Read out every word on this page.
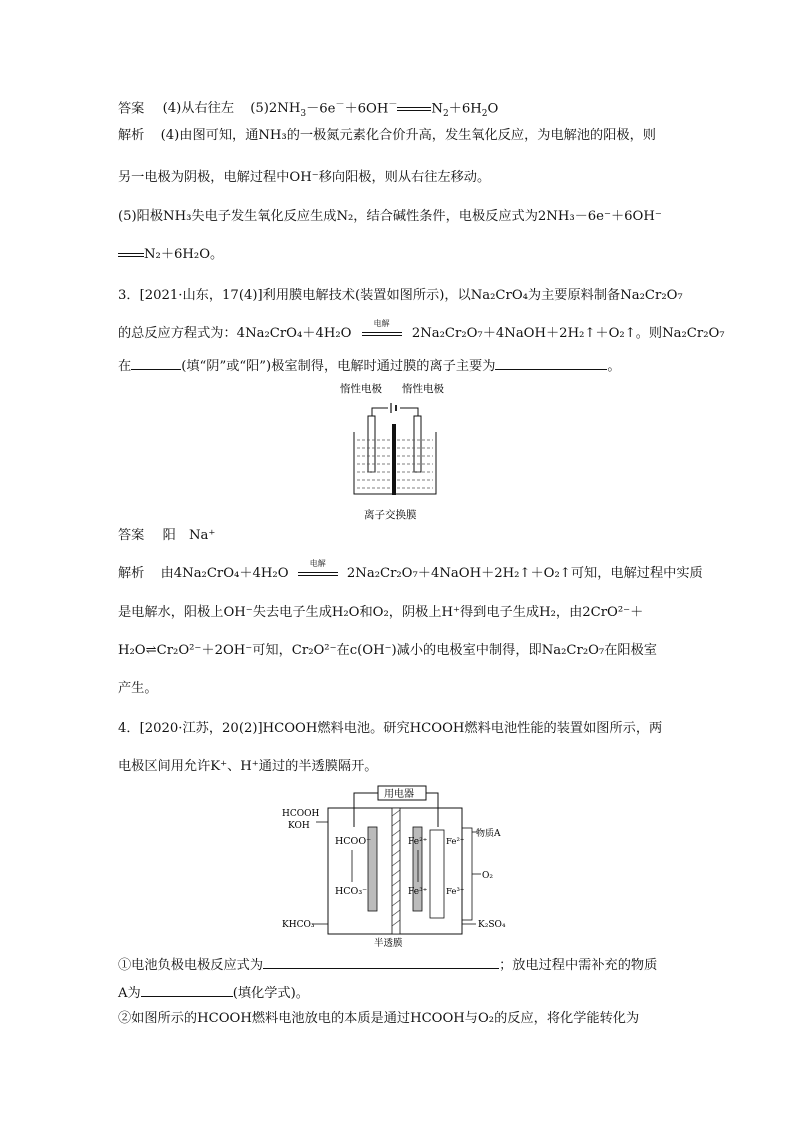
答案 (4)从右往左 $(5)2NH_3-6e^-+6OH^-$	$N_2+6H_2O$
解析 (4)由图可知，通NH₃的一极氮元素化合价升高，发生氧化反应，为电解池的阳极，则
另一电极为阴极，电解过程中OH⁻移向阳极，则从右往左移动。
(5)阳极NH₃失电子发生氧化反应生成N₂，结合碱性条件，电极反应式为2NH₃－6e⁻＋6OH⁻
N₂＋6H₂O。
3．[2021·山东，17(4)]利用膜电解技术(装置如图所示)，以Na₂CrO₄为主要原料制备Na₂Cr₂O₇
的总反应方程式为：4Na₂CrO₄＋4H₂O
电解
2Na₂Cr₂O₇＋4NaOH＋2H₂↑＋O₂↑。则Na₂Cr₂O₇
在	(填“阴”或“阳”)极室制得，电解时通过膜的离子主要为	。
惰性电极 惰性电极
离子交换膜
答案 阳　Na⁺
解析 由4Na₂CrO₄＋4H₂O
电解
2Na₂Cr₂O₇＋4NaOH＋2H₂↑＋O₂↑可知，电解过程中实质
是电解水，阳极上OH⁻失去电子生成H₂O和O₂，阴极上H⁺得到电子生成H₂，由2CrO²⁻＋
H₂O⇌Cr₂O²⁻＋2OH⁻可知，Cr₂O²⁻在c(OH⁻)减小的电极室中制得，即Na₂Cr₂O₇在阳极室
产生。
4．[2020·江苏，20(2)]HCOOH燃料电池。研究HCOOH燃料电池性能的装置如图所示，两
电极区间用允许K⁺、H⁺通过的半透膜隔开。
用电器
HCOO⁻
HCO₃⁻
Fe²⁺
Fe³⁺
Fe²⁺
Fe³⁺
HCOOH
KOH
KHCO₃
物质A
O₂
K₂SO₄
半透膜
①电池负极电极反应式为	；放电过程中需补充的物质
A为	(填化学式)。
②如图所示的HCOOH燃料电池放电的本质是通过HCOOH与O₂的反应，将化学能转化为
